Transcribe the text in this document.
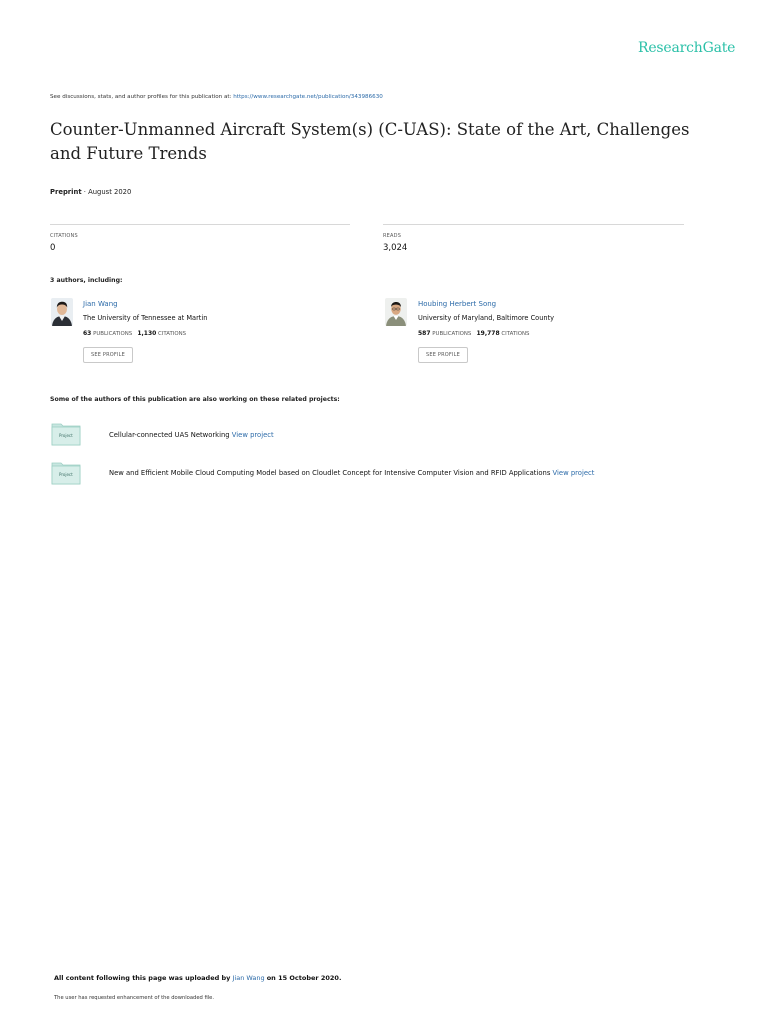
ResearchGate
See discussions, stats, and author profiles for this publication at: https://www.researchgate.net/publication/343986630
Counter-Unmanned Aircraft System(s) (C-UAS): State of the Art, Challenges and Future Trends
Preprint · August 2020
CITATIONS
0
READS
3,024
3 authors, including:
Jian Wang
The University of Tennessee at Martin
63 PUBLICATIONS 1,130 CITATIONS
SEE PROFILE
Houbing Herbert Song
University of Maryland, Baltimore County
587 PUBLICATIONS 19,778 CITATIONS
SEE PROFILE
Some of the authors of this publication are also working on these related projects:
Project	Cellular-connected UAS Networking View project
Project	New and Efficient Mobile Cloud Computing Model based on Cloudlet Concept for Intensive Computer Vision and RFID Applications View project
All content following this page was uploaded by Jian Wang on 15 October 2020.
The user has requested enhancement of the downloaded file.
